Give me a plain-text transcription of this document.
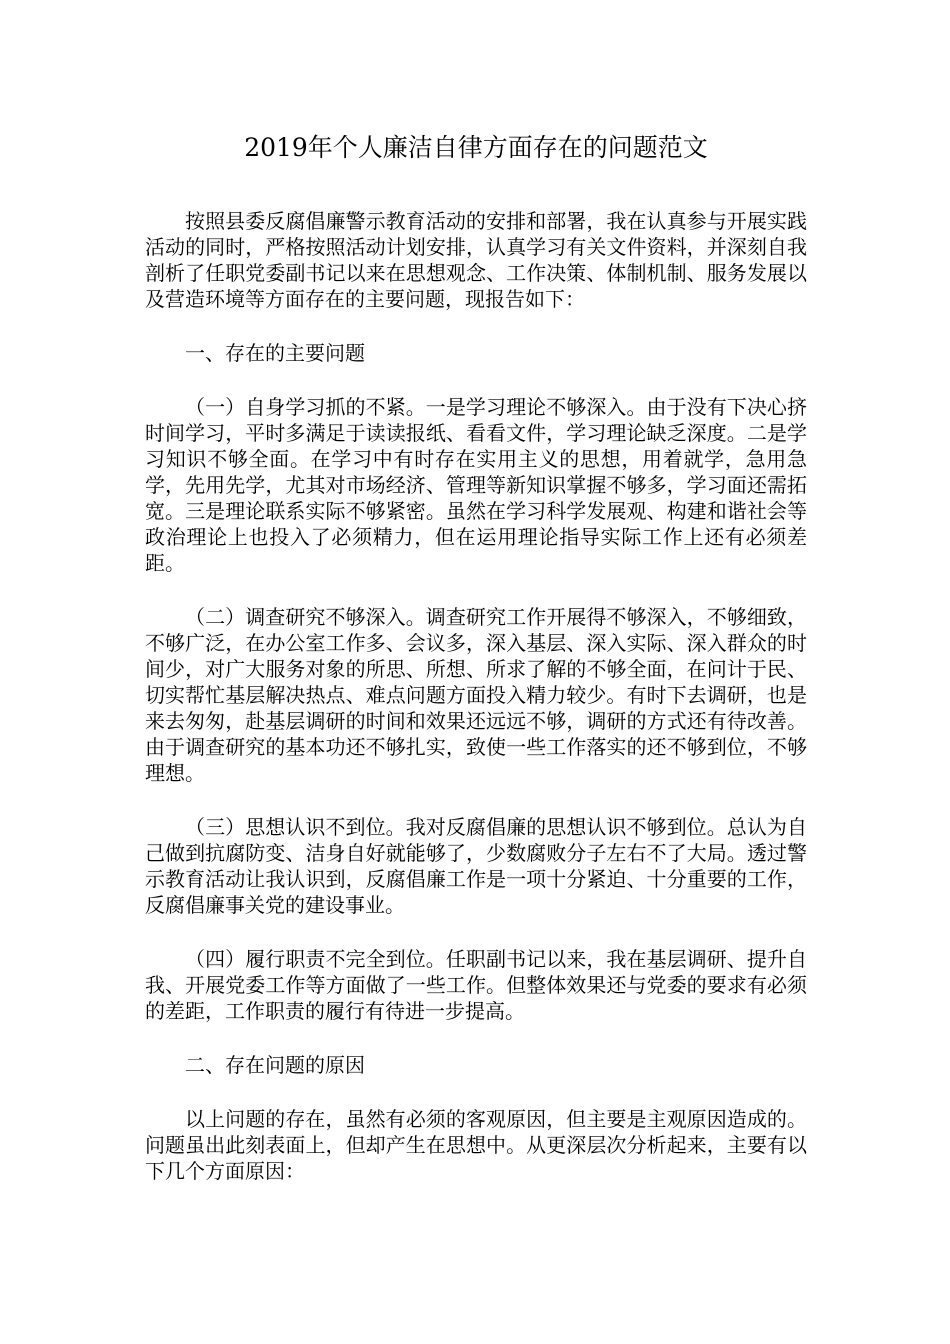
2019年个人廉洁自律方面存在的问题范文

按照县委反腐倡廉警示教育活动的安排和部署，我在认真参与开展实践活动的同时，严格按照活动计划安排，认真学习有关文件资料，并深刻自我剖析了任职党委副书记以来在思想观念、工作决策、体制机制、服务发展以及营造环境等方面存在的主要问题，现报告如下：

一、存在的主要问题

（一）自身学习抓的不紧。一是学习理论不够深入。由于没有下决心挤时间学习，平时多满足于读读报纸、看看文件，学习理论缺乏深度。二是学习知识不够全面。在学习中有时存在实用主义的思想，用着就学，急用急学，先用先学，尤其对市场经济、管理等新知识掌握不够多，学习面还需拓宽。三是理论联系实际不够紧密。虽然在学习科学发展观、构建和谐社会等政治理论上也投入了必须精力，但在运用理论指导实际工作上还有必须差距。

（二）调查研究不够深入。调查研究工作开展得不够深入，不够细致，不够广泛，在办公室工作多、会议多，深入基层、深入实际、深入群众的时间少，对广大服务对象的所思、所想、所求了解的不够全面，在问计于民、切实帮忙基层解决热点、难点问题方面投入精力较少。有时下去调研，也是来去匆匆，赴基层调研的时间和效果还远远不够，调研的方式还有待改善。由于调查研究的基本功还不够扎实，致使一些工作落实的还不够到位，不够理想。

（三）思想认识不到位。我对反腐倡廉的思想认识不够到位。总认为自己做到抗腐防变、洁身自好就能够了，少数腐败分子左右不了大局。透过警示教育活动让我认识到，反腐倡廉工作是一项十分紧迫、十分重要的工作，反腐倡廉事关党的建设事业。

（四）履行职责不完全到位。任职副书记以来，我在基层调研、提升自我、开展党委工作等方面做了一些工作。但整体效果还与党委的要求有必须的差距，工作职责的履行有待进一步提高。

二、存在问题的原因

以上问题的存在，虽然有必须的客观原因，但主要是主观原因造成的。问题虽出此刻表面上，但却产生在思想中。从更深层次分析起来，主要有以下几个方面原因：
